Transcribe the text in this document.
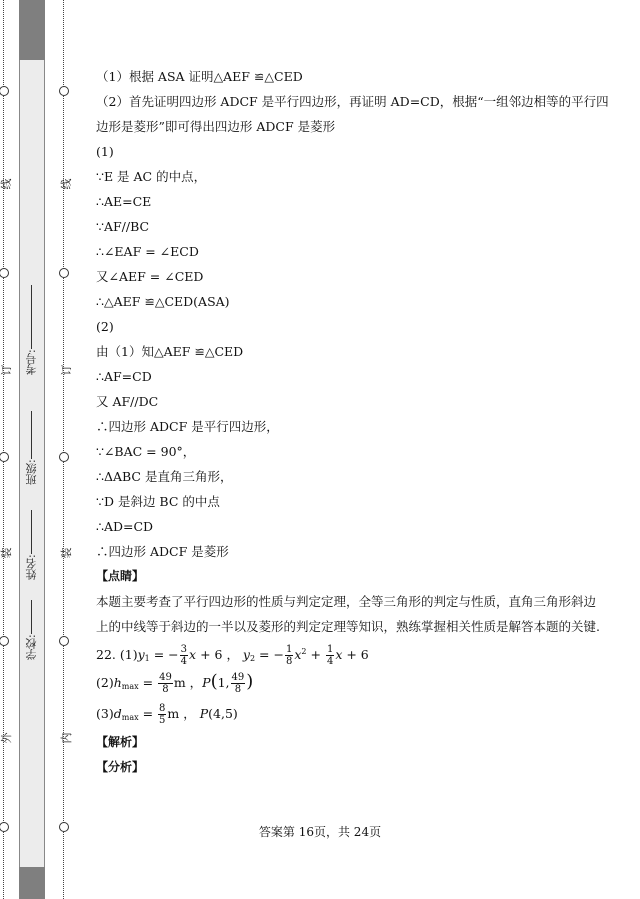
线
订
装
外
线
订
装
内
学校:
姓名:
班级:
考号:

（1）根据 ASA 证明△AEF ≌△CED

（2）首先证明四边形 ADCF 是平行四边形，再证明 AD=CD，根据“一组邻边相等的平行四

边形是菱形”即可得出四边形 ADCF 是菱形

(1)

∵E 是 AC 的中点，

∴AE=CE

∵AF//BC

∴∠EAF = ∠ECD

又∠AEF = ∠CED

∴△AEF ≌△CED(ASA)

(2)

由（1）知△AEF ≌△CED

∴AF=CD

又 AF//DC

∴四边形 ADCF 是平行四边形，

∵∠BAC = 90°，

∴ΔABC 是直角三角形，

∵D 是斜边 BC 的中点

∴AD=CD

∴四边形 ADCF 是菱形

【点睛】

本题主要考查了平行四边形的性质与判定定理，全等三角形的判定与性质，直角三角形斜边

上的中线等于斜边的一半以及菱形的判定定理等知识，熟练掌握相关性质是解答本题的关键.

22. $(1)y_1$ = − $\frac{3}{4}$ x + 6 ， $y_2$ = − $\frac{1}{8} x^2 + \frac{1}{4}$ x + 6

$(2)h_{max} = \frac{49}{8}$ m ，P(1, $\frac{49}{8}$ )

$(3)d_{max} = \frac{8}{5}$ m ， P(4,5)

【解析】

【分析】

答案第 16页，共 24页
